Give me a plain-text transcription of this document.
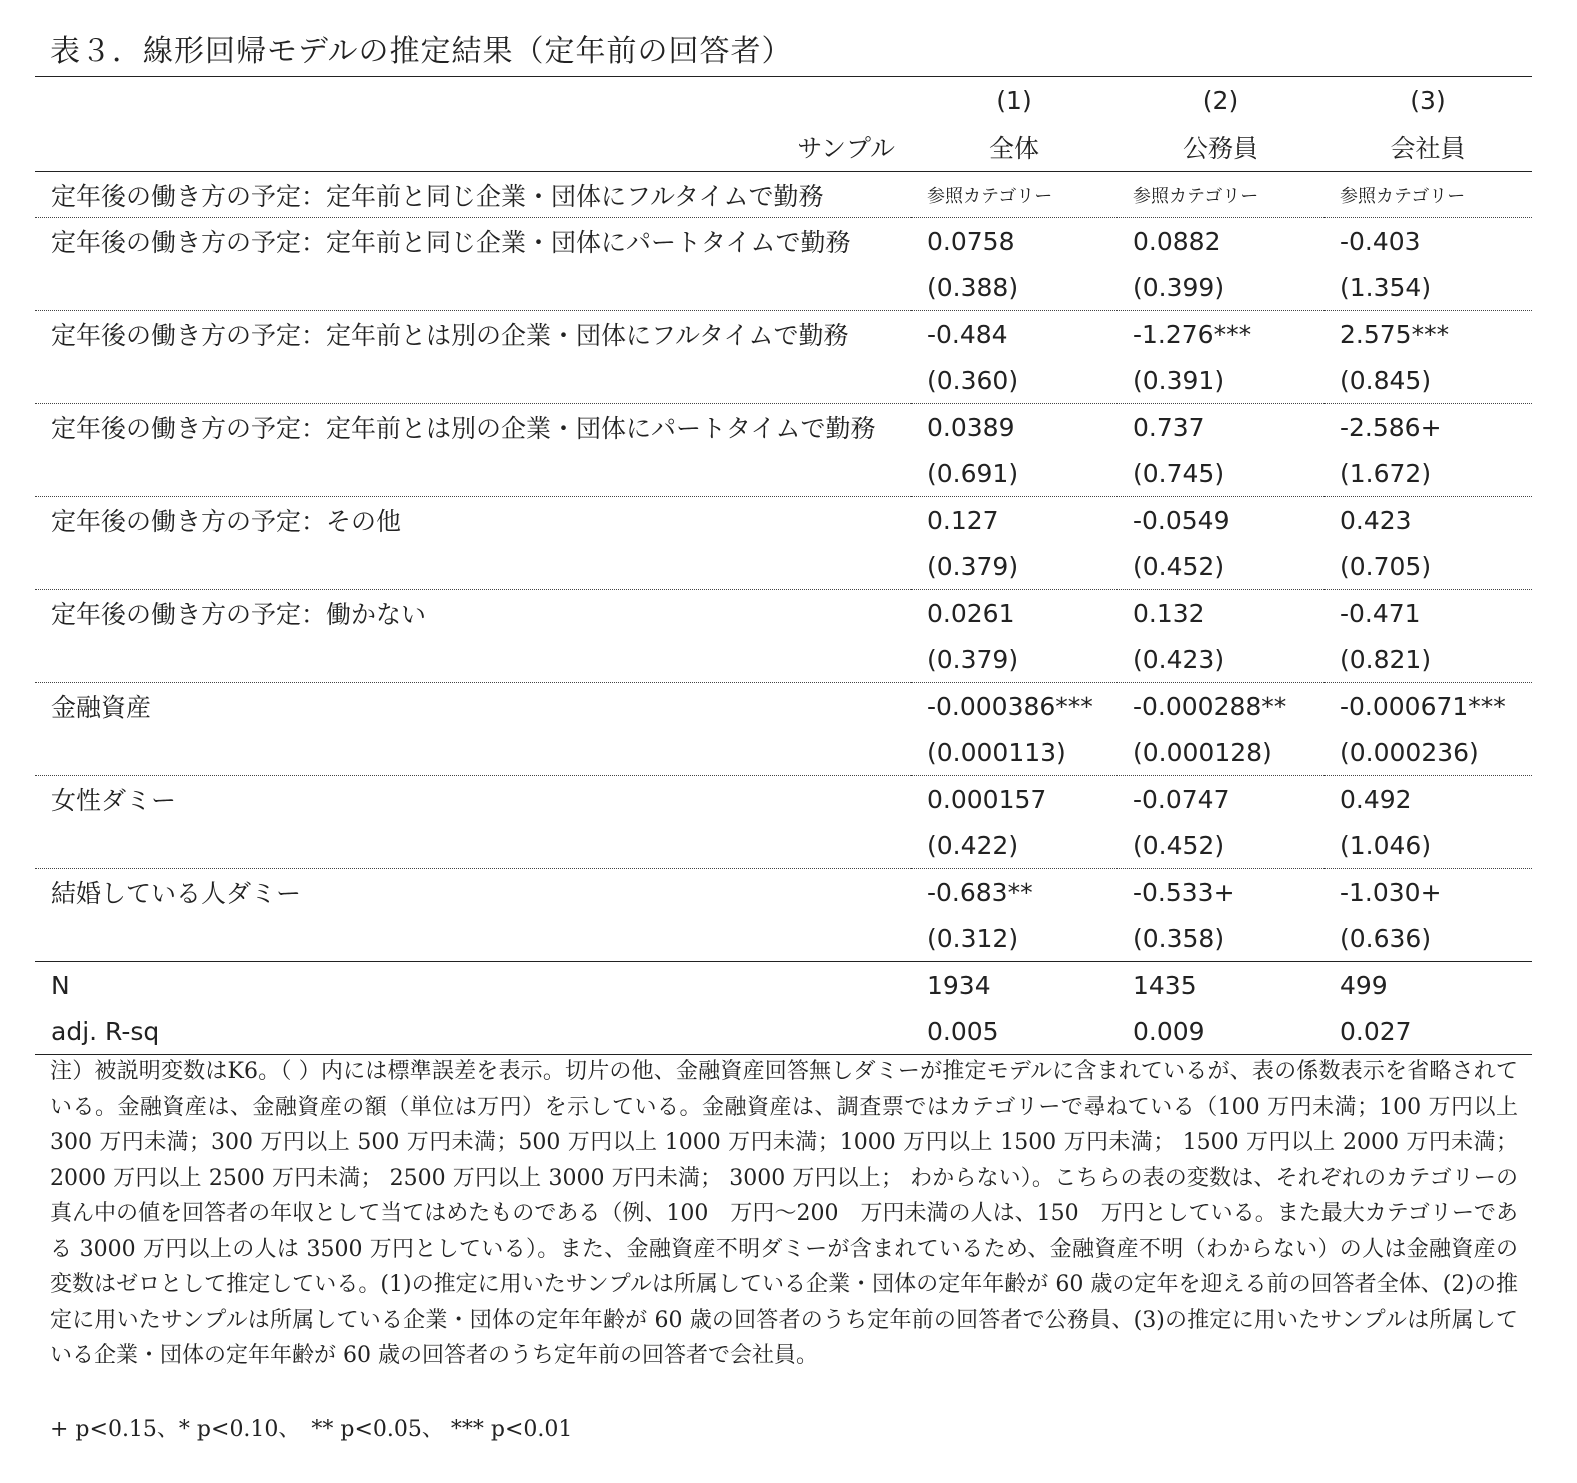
表３．線形回帰モデルの推定結果（定年前の回答者）
	(1)	(2)	(3)
サンプル	全体	公務員	会社員
定年後の働き方の予定：定年前と同じ企業・団体にフルタイムで勤務	参照カテゴリー	参照カテゴリー	参照カテゴリー
定年後の働き方の予定：定年前と同じ企業・団体にパートタイムで勤務	0.0758	0.0882	-0.403
	(0.388)	(0.399)	(1.354)
定年後の働き方の予定：定年前とは別の企業・団体にフルタイムで勤務	-0.484	-1.276***	2.575***
	(0.360)	(0.391)	(0.845)
定年後の働き方の予定：定年前とは別の企業・団体にパートタイムで勤務	0.0389	0.737	-2.586+
	(0.691)	(0.745)	(1.672)
定年後の働き方の予定：その他	0.127	-0.0549	0.423
	(0.379)	(0.452)	(0.705)
定年後の働き方の予定：働かない	0.0261	0.132	-0.471
	(0.379)	(0.423)	(0.821)
金融資産	-0.000386***	-0.000288**	-0.000671***
	(0.000113)	(0.000128)	(0.000236)
女性ダミー	0.000157	-0.0747	0.492
	(0.422)	(0.452)	(1.046)
結婚している人ダミー	-0.683**	-0.533+	-1.030+
	(0.312)	(0.358)	(0.636)
N	1934	1435	499
adj. R-sq	0.005	0.009	0.027
注）被説明変数はK6。（ ）内には標準誤差を表示。切片の他、金融資産回答無しダミーが推定モデルに含まれているが、表の係数表示を省略されている。金融資産は、金融資産の額（単位は万円）を示している。金融資産は、調査票ではカテゴリーで尋ねている（100 万円未満；100 万円以上 300 万円未満；300 万円以上 500 万円未満；500 万円以上 1000 万円未満；1000 万円以上 1500 万円未満； 1500 万円以上 2000 万円未満； 2000 万円以上 2500 万円未満； 2500 万円以上 3000 万円未満； 3000 万円以上； わからない）。こちらの表の変数は、それぞれのカテゴリーの真ん中の値を回答者の年収として当てはめたものである（例、100　万円～200　万円未満の人は、150　万円としている。また最大カテゴリーである 3000 万円以上の人は 3500 万円としている）。また、金融資産不明ダミーが含まれているため、金融資産不明（わからない）の人は金融資産の変数はゼロとして推定している。(1)の推定に用いたサンプルは所属している企業・団体の定年年齢が 60 歳の定年を迎える前の回答者全体、(2)の推定に用いたサンプルは所属している企業・団体の定年年齢が 60 歳の回答者のうち定年前の回答者で公務員、(3)の推定に用いたサンプルは所属している企業・団体の定年年齢が 60 歳の回答者のうち定年前の回答者で会社員。
+ p<0.15、* p<0.10、　** p<0.05、 *** p<0.01
